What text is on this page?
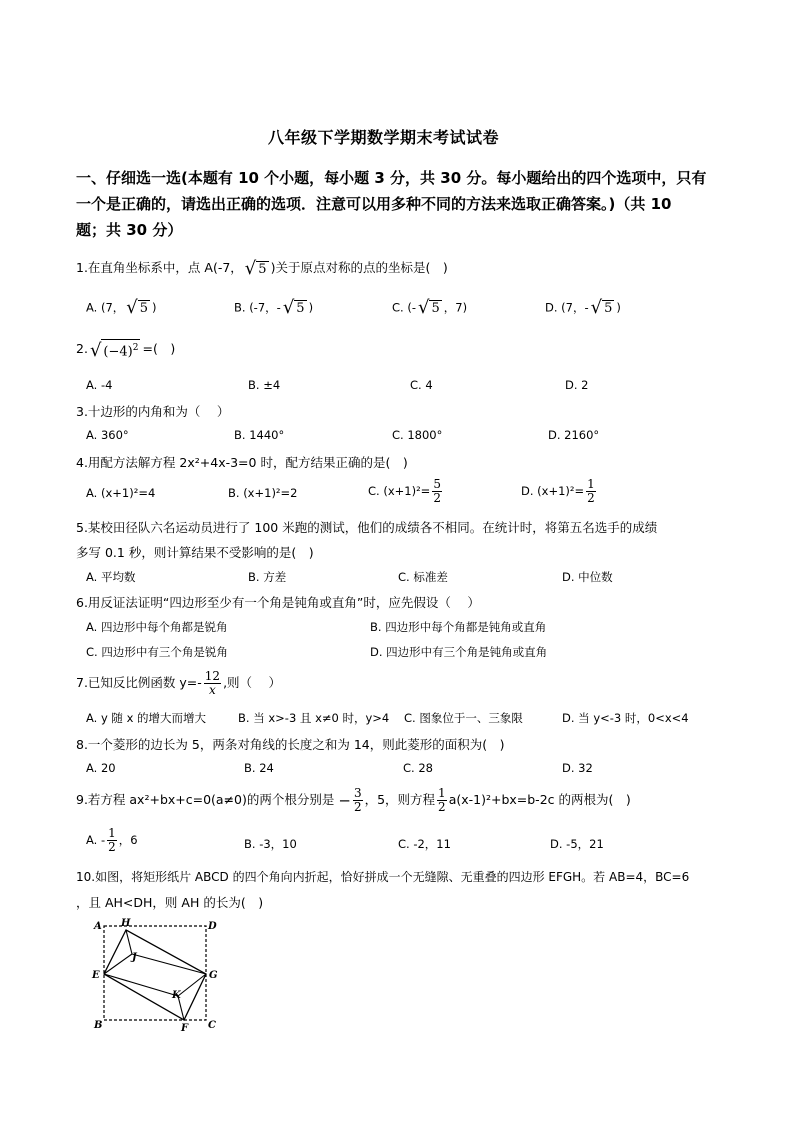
八年级下学期数学期末考试试卷
一、仔细选一选(本题有 10 个小题，每小题 3 分，共 30 分。每小题给出的四个选项中，只有
一个是正确的，请选出正确的选项．注意可以用多种不同的方法来选取正确答案。)（共 10
题；共 30 分）
1.在直角坐标系中，点 A(-7， √ 5 )关于原点对称的点的坐标是(　)
A. (7， √ 5 )	B. (-7，- √ 5 )	C. (- √ 5 ，7)	D. (7，- √ 5 )
2. √ $(-4)^2$ =(　)
A. -4	B. ±4	C. 4	D. 2
3.十边形的内角和为（　 ）
A. 360°	B. 1440°	C. 1800°	D. 2160°
4.用配方法解方程 2x²+4x-3=0 时，配方结果正确的是(　)
A. (x+1)²=4	B. (x+1)²=2	C. $(x+1)^2= \frac{5}{2}$	D. $(x+1)^2= \frac{1}{2}$
5.某校田径队六名运动员进行了 100 米跑的测试，他们的成绩各不相同。在统计时，将第五名选手的成绩
多写 0.1 秒，则计算结果不受影响的是(　)
A. 平均数	B. 方差	C. 标准差	D. 中位数
6.用反证法证明“四边形至少有一个角是钝角或直角”时，应先假设（　 ）
A. 四边形中每个角都是锐角	B. 四边形中每个角都是钝角或直角
C. 四边形中有三个角是锐角	D. 四边形中有三个角是钝角或直角
7.已知反比例函数 $y=- \frac{12}{x}$ ,则（　 ）
A. y 随 x 的增大而增大	B. 当 x>-3 且 x≠0 时，y>4 C. 图象位于一、三象限	D. 当 y<-3 时，0<x<4
8.一个菱形的边长为 5，两条对角线的长度之和为 14，则此菱形的面积为(　)
A. 20	B. 24	C. 28	D. 32
9.若方程 ax²+bx+c=0(a≠0)的两个根分别是 − $\frac{3}{2}$ ，5，则方程 $\frac{1}{2} a(x-1)^2+bx=b-2c$ 的两根为(　)
A. - $\frac{1}{2}$ ，6	B. -3，10	C. -2，11	D. -5，21
10.如图，将矩形纸片 ABCD 的四个角向内折起，恰好拼成一个无缝隙、无重叠的四边形 EFGH。若 AB=4，BC=6
，且 AH<DH，则 AH 的长为(　)
A H	D
J
E	G
K
B	F C
